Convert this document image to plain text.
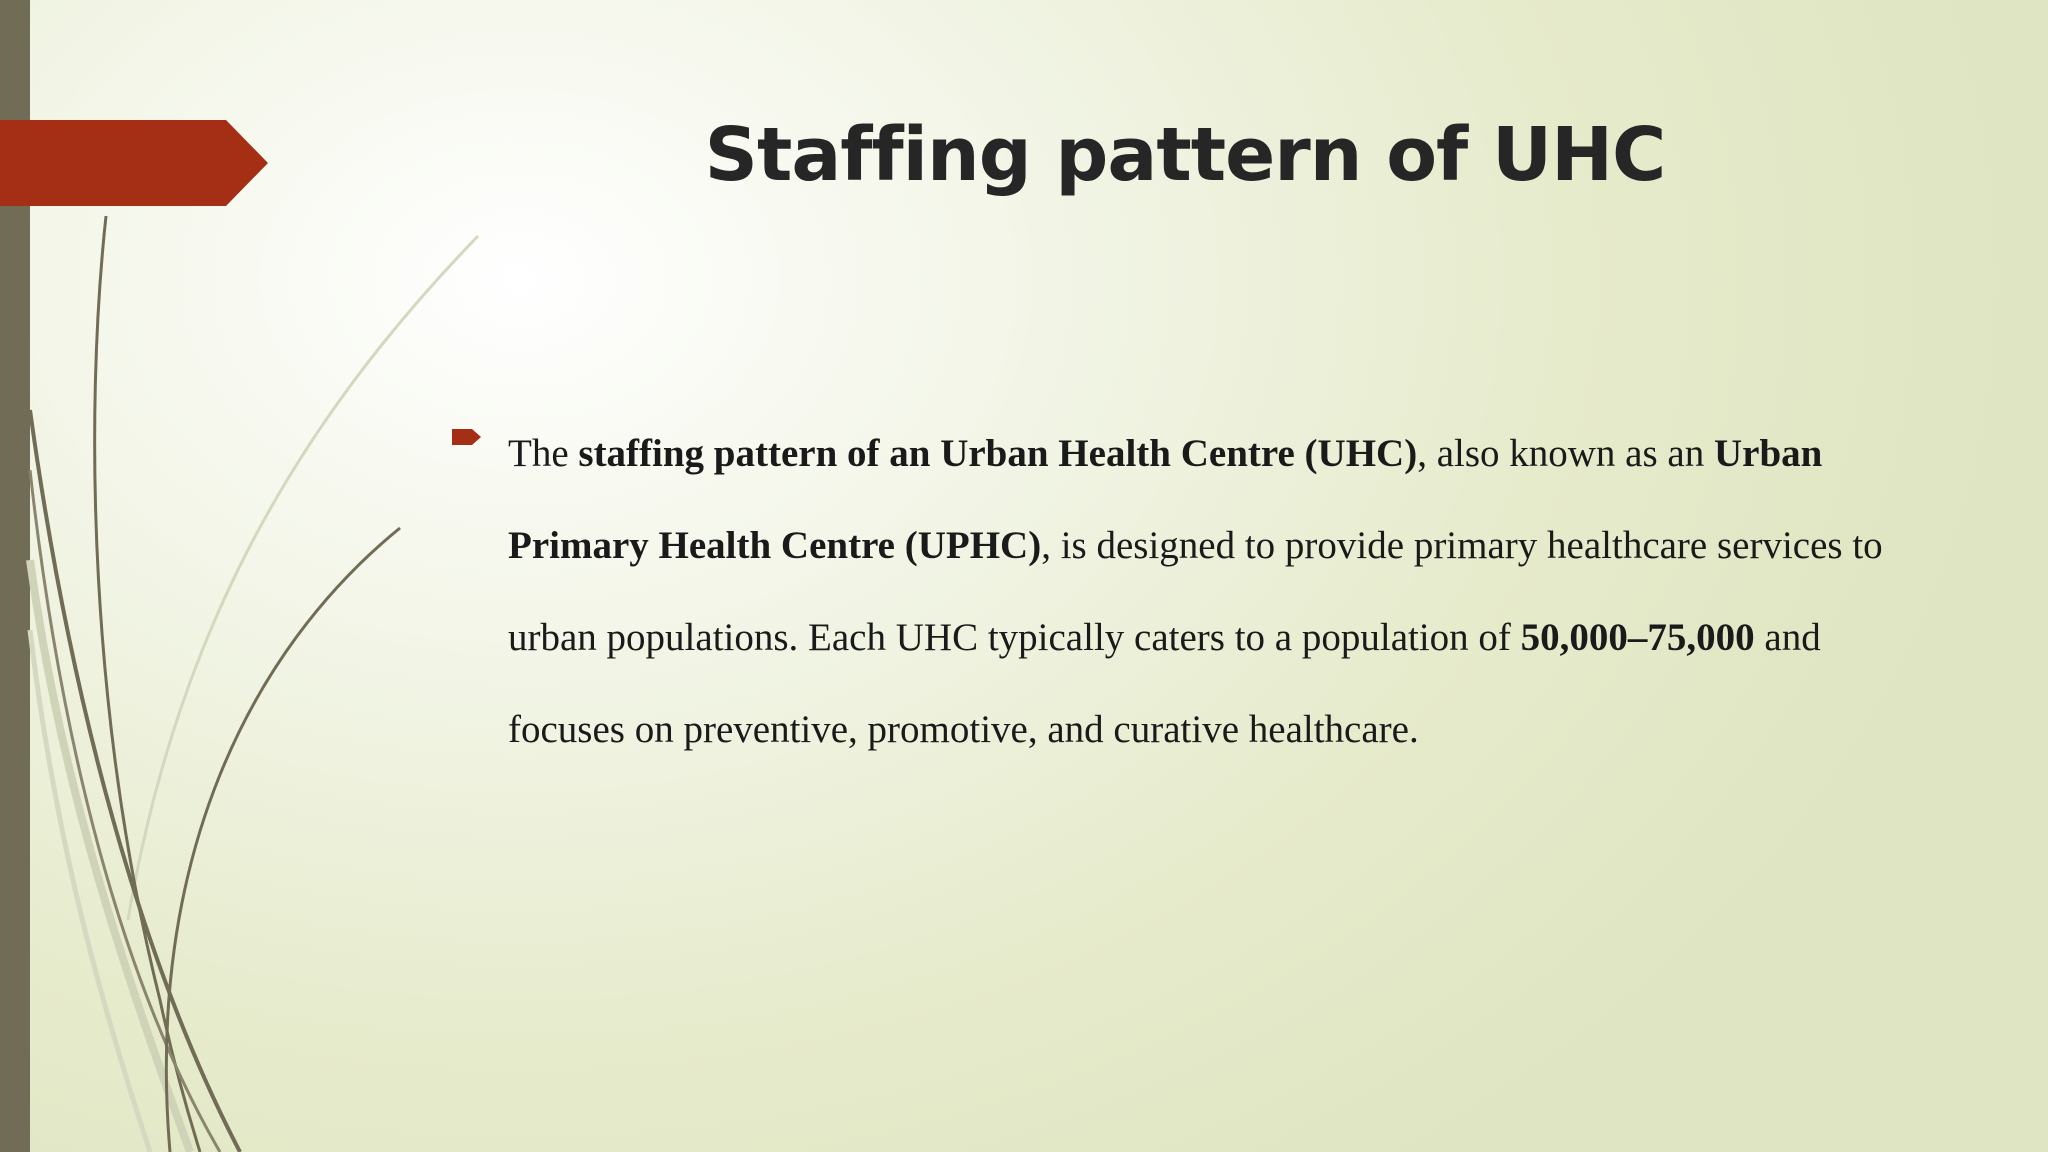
Staffing pattern of UHC

The staffing pattern of an Urban Health Centre (UHC), also known as an Urban Primary Health Centre (UPHC), is designed to provide primary healthcare services to urban populations. Each UHC typically caters to a population of 50,000–75,000 and focuses on preventive, promotive, and curative healthcare.
